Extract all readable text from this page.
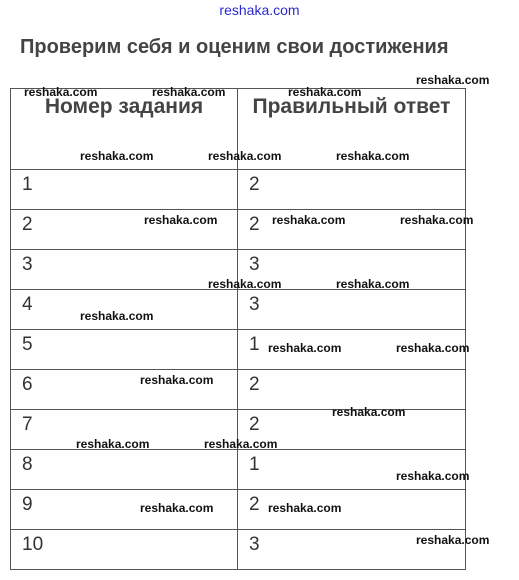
reshaka.com
Проверим себя и оценим свои достижения
Номер задания	Правильный ответ

1	2

2	2

3	3

4	3

5	1

6	2

7	2

8	1

9	2

10	3
reshaka.com	reshaka.com	reshaka.com
reshaka.com
reshaka.com	reshaka.com	reshaka.com
reshaka.com	reshaka.com	reshaka.com
reshaka.com	reshaka.com
reshaka.com
reshaka.com	reshaka.com
reshaka.com
reshaka.com
reshaka.com	reshaka.com
reshaka.com
reshaka.com	reshaka.com
reshaka.com
